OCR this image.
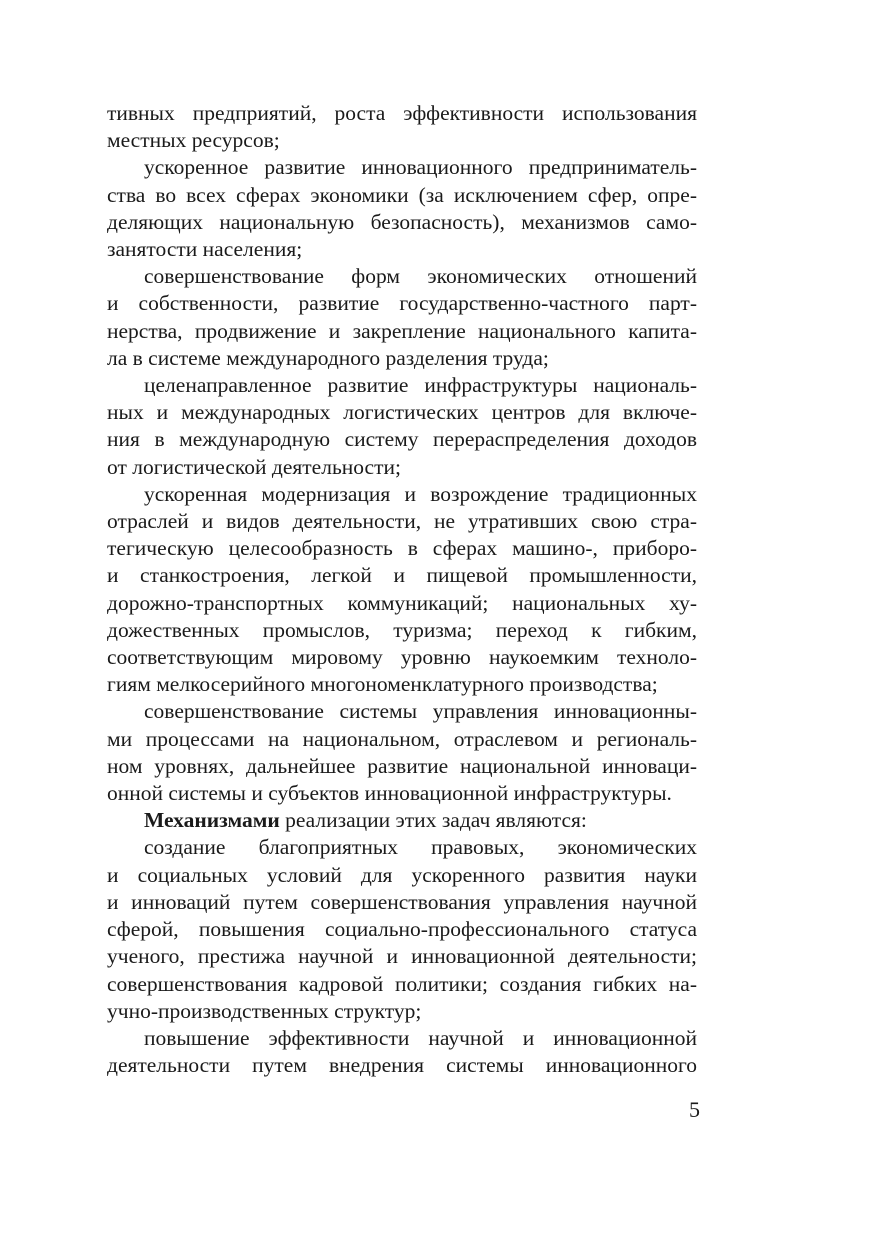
тивных предприятий, роста эффективности использования
местных ресурсов;

ускоренное развитие инновационного предприниматель-
ства во всех сферах экономики (за исключением сфер, опре-
деляющих национальную безопасность), механизмов само-
занятости населения;

совершенствование форм экономических отношений
и собственности, развитие государственно-частного парт-
нерства, продвижение и закрепление национального капита-
ла в системе международного разделения труда;

целенаправленное развитие инфраструктуры националь-
ных и международных логистических центров для включе-
ния в международную систему перераспределения доходов
от логистической деятельности;

ускоренная модернизация и возрождение традиционных
отраслей и видов деятельности, не утративших свою стра-
тегическую целесообразность в сферах машино-, приборо-
и станкостроения, легкой и пищевой промышленности,
дорожно-транспортных коммуникаций; национальных ху-
дожественных промыслов, туризма; переход к гибким,
соответствующим мировому уровню наукоемким техноло-
гиям мелкосерийного многономенклатурного производства;

совершенствование системы управления инновационны-
ми процессами на национальном, отраслевом и региональ-
ном уровнях, дальнейшее развитие национальной инноваци-
онной системы и субъектов инновационной инфраструктуры.

Механизмами реализации этих задач являются:

создание благоприятных правовых, экономических
и социальных условий для ускоренного развития науки
и инноваций путем совершенствования управления научной
сферой, повышения социально-профессионального статуса
ученого, престижа научной и инновационной деятельности;
совершенствования кадровой политики; создания гибких на-
учно-производственных структур;

повышение эффективности научной и инновационной
деятельности путем внедрения системы инновационного

5
